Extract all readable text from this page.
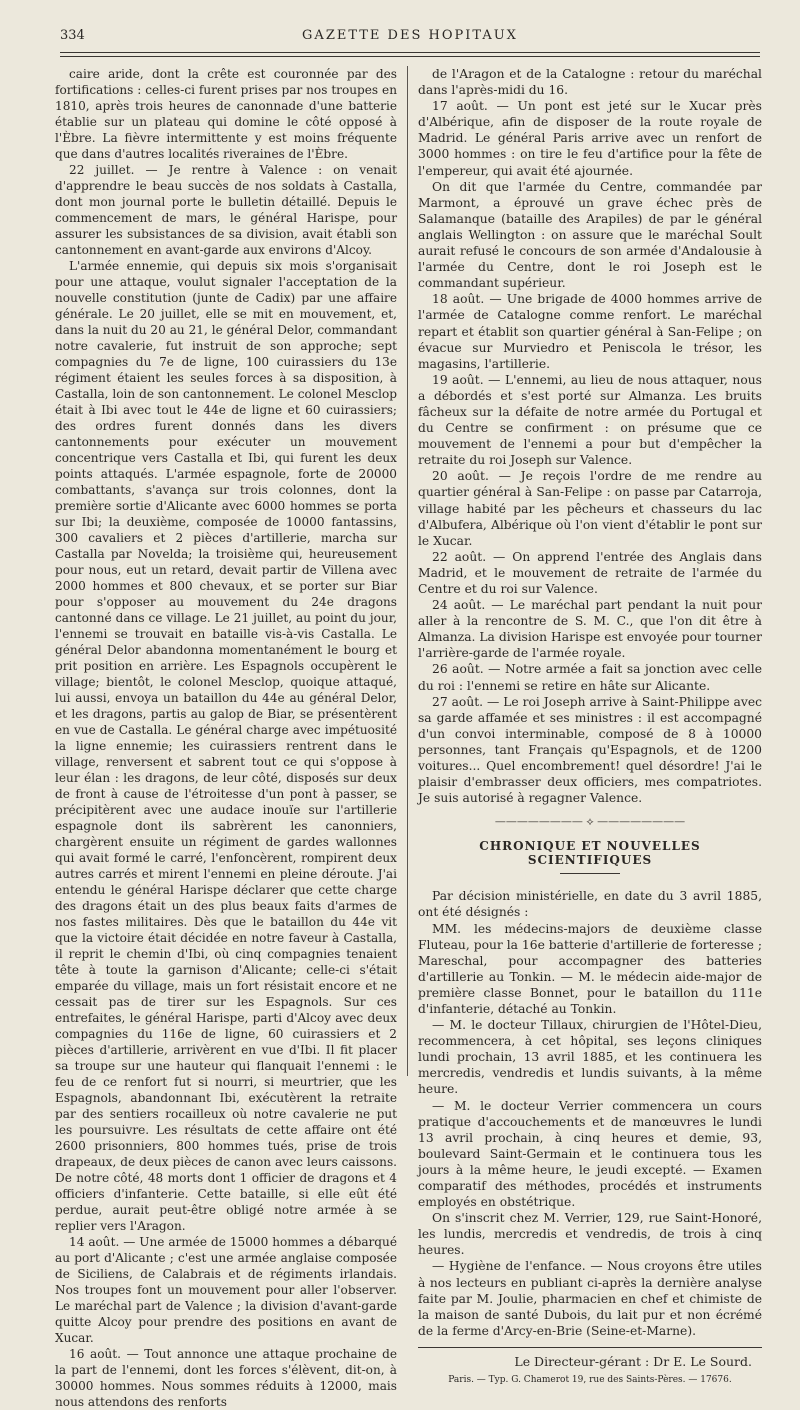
334	GAZETTE DES HOPITAUX

caire aride, dont la crête est couronnée par des fortifications : celles-ci furent prises par nos troupes en 1810, après trois heures de canonnade d'une batterie établie sur un plateau qui domine le côté opposé à l'Èbre. La fièvre intermittente y est moins fréquente que dans d'autres localités riveraines de l'Èbre.

22 juillet. — Je rentre à Valence : on venait d'apprendre le beau succès de nos soldats à Castalla, dont mon journal porte le bulletin détaillé. Depuis le commencement de mars, le général Harispe, pour assurer les subsistances de sa division, avait établi son cantonnement en avant-garde aux environs d'Alcoy.

L'armée ennemie, qui depuis six mois s'organisait pour une attaque, voulut signaler l'acceptation de la nouvelle constitution (junte de Cadix) par une affaire générale. Le 20 juillet, elle se mit en mouvement, et, dans la nuit du 20 au 21, le général Delor, commandant notre cavalerie, fut instruit de son approche; sept compagnies du 7e de ligne, 100 cuirassiers du 13e régiment étaient les seules forces à sa disposition, à Castalla, loin de son cantonnement. Le colonel Mesclop était à Ibi avec tout le 44e de ligne et 60 cuirassiers; des ordres furent donnés dans les divers cantonnements pour exécuter un mouvement concentrique vers Castalla et Ibi, qui furent les deux points attaqués. L'armée espagnole, forte de 20000 combattants, s'avança sur trois colonnes, dont la première sortie d'Alicante avec 6000 hommes se porta sur Ibi; la deuxième, composée de 10000 fantassins, 300 cavaliers et 2 pièces d'artillerie, marcha sur Castalla par Novelda; la troisième qui, heureusement pour nous, eut un retard, devait partir de Villena avec 2000 hommes et 800 chevaux, et se porter sur Biar pour s'opposer au mouvement du 24e dragons cantonné dans ce village. Le 21 juillet, au point du jour, l'ennemi se trouvait en bataille vis-à-vis Castalla. Le général Delor abandonna momentanément le bourg et prit position en arrière. Les Espagnols occupèrent le village; bientôt, le colonel Mesclop, quoique attaqué, lui aussi, envoya un bataillon du 44e au général Delor, et les dragons, partis au galop de Biar, se présentèrent en vue de Castalla. Le général charge avec impétuosité la ligne ennemie; les cuirassiers rentrent dans le village, renversent et sabrent tout ce qui s'oppose à leur élan : les dragons, de leur côté, disposés sur deux de front à cause de l'étroitesse d'un pont à passer, se précipitèrent avec une audace inouïe sur l'artillerie espagnole dont ils sabrèrent les canonniers, chargèrent ensuite un régiment de gardes wallonnes qui avait formé le carré, l'enfoncèrent, rompirent deux autres carrés et mirent l'ennemi en pleine déroute. J'ai entendu le général Harispe déclarer que cette charge des dragons était un des plus beaux faits d'armes de nos fastes militaires. Dès que le bataillon du 44e vit que la victoire était décidée en notre faveur à Castalla, il reprit le chemin d'Ibi, où cinq compagnies tenaient tête à toute la garnison d'Alicante; celle-ci s'était emparée du village, mais un fort résistait encore et ne cessait pas de tirer sur les Espagnols. Sur ces entrefaites, le général Harispe, parti d'Alcoy avec deux compagnies du 116e de ligne, 60 cuirassiers et 2 pièces d'artillerie, arrivèrent en vue d'Ibi. Il fit placer sa troupe sur une hauteur qui flanquait l'ennemi : le feu de ce renfort fut si nourri, si meurtrier, que les Espagnols, abandonnant Ibi, exécutèrent la retraite par des sentiers rocailleux où notre cavalerie ne put les poursuivre. Les résultats de cette affaire ont été 2600 prisonniers, 800 hommes tués, prise de trois drapeaux, de deux pièces de canon avec leurs caissons. De notre côté, 48 morts dont 1 officier de dragons et 4 officiers d'infanterie. Cette bataille, si elle eût été perdue, aurait peut-être obligé notre armée à se replier vers l'Aragon.

14 août. — Une armée de 15000 hommes a débarqué au port d'Alicante ; c'est une armée anglaise composée de Siciliens, de Calabrais et de régiments irlandais. Nos troupes font un mouvement pour aller l'observer. Le maréchal part de Valence ; la division d'avant-garde quitte Alcoy pour prendre des positions en avant de Xucar.

16 août. — Tout annonce une attaque prochaine de la part de l'ennemi, dont les forces s'élèvent, dit-on, à 30000 hommes. Nous sommes réduits à 12000, mais nous attendons des renforts

de l'Aragon et de la Catalogne : retour du maréchal dans l'après-midi du 16.

17 août. — Un pont est jeté sur le Xucar près d'Albérique, afin de disposer de la route royale de Madrid. Le général Paris arrive avec un renfort de 3000 hommes : on tire le feu d'artifice pour la fête de l'empereur, qui avait été ajournée.

On dit que l'armée du Centre, commandée par Marmont, a éprouvé un grave échec près de Salamanque (bataille des Arapiles) de par le général anglais Wellington : on assure que le maréchal Soult aurait refusé le concours de son armée d'Andalousie à l'armée du Centre, dont le roi Joseph est le commandant supérieur.

18 août. — Une brigade de 4000 hommes arrive de l'armée de Catalogne comme renfort. Le maréchal repart et établit son quartier général à San-Felipe ; on évacue sur Murviedro et Peniscola le trésor, les magasins, l'artillerie.

19 août. — L'ennemi, au lieu de nous attaquer, nous a débordés et s'est porté sur Almanza. Les bruits fâcheux sur la défaite de notre armée du Portugal et du Centre se confirment : on présume que ce mouvement de l'ennemi a pour but d'empêcher la retraite du roi Joseph sur Valence.

20 août. — Je reçois l'ordre de me rendre au quartier général à San-Felipe : on passe par Catarroja, village habité par les pêcheurs et chasseurs du lac d'Albufera, Albérique où l'on vient d'établir le pont sur le Xucar.

22 août. — On apprend l'entrée des Anglais dans Madrid, et le mouvement de retraite de l'armée du Centre et du roi sur Valence.

24 août. — Le maréchal part pendant la nuit pour aller à la rencontre de S. M. C., que l'on dit être à Almanza. La division Harispe est envoyée pour tourner l'arrière-garde de l'armée royale.

26 août. — Notre armée a fait sa jonction avec celle du roi : l'ennemi se retire en hâte sur Alicante.

27 août. — Le roi Joseph arrive à Saint-Philippe avec sa garde affamée et ses ministres : il est accompagné d'un convoi interminable, composé de 8 à 10000 personnes, tant Français qu'Espagnols, et de 1200 voitures... Quel encombrement! quel désordre! J'ai le plaisir d'embrasser deux officiers, mes compatriotes. Je suis autorisé à regagner Valence.

———————— ⟡ ————————
CHRONIQUE ET NOUVELLES SCIENTIFIQUES

Par décision ministérielle, en date du 3 avril 1885, ont été désignés :

MM. les médecins-majors de deuxième classe Fluteau, pour la 16e batterie d'artillerie de forteresse ; Mareschal, pour accompagner des batteries d'artillerie au Tonkin. — M. le médecin aide-major de première classe Bonnet, pour le bataillon du 111e d'infanterie, détaché au Tonkin.

— M. le docteur Tillaux, chirurgien de l'Hôtel-Dieu, recommencera, à cet hôpital, ses leçons cliniques lundi prochain, 13 avril 1885, et les continuera les mercredis, vendredis et lundis suivants, à la même heure.

— M. le docteur Verrier commencera un cours pratique d'accouchements et de manœuvres le lundi 13 avril prochain, à cinq heures et demie, 93, boulevard Saint-Germain et le continuera tous les jours à la même heure, le jeudi excepté. — Examen comparatif des méthodes, procédés et instruments employés en obstétrique.

On s'inscrit chez M. Verrier, 129, rue Saint-Honoré, les lundis, mercredis et vendredis, de trois à cinq heures.

— Hygiène de l'enfance. — Nous croyons être utiles à nos lecteurs en publiant ci-après la dernière analyse faite par M. Joulie, pharmacien en chef et chimiste de la maison de santé Dubois, du lait pur et non écrémé de la ferme d'Arcy-en-Brie (Seine-et-Marne).

Le Directeur-gérant : Dr E. Le Sourd.
Paris. — Typ. G. Chamerot 19, rue des Saints-Pères. — 17676.
